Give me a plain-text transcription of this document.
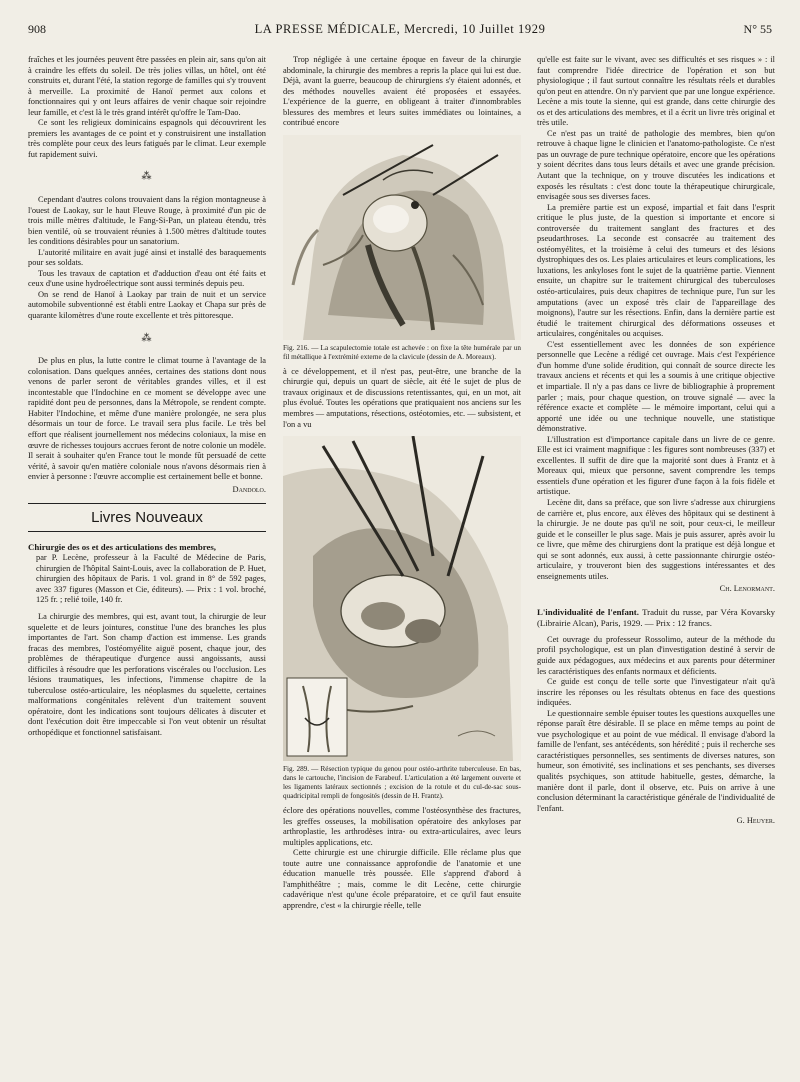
908	LA PRESSE MÉDICALE, Mercredi, 10 Juillet 1929	N° 55

fraîches et les journées peuvent être passées en plein air, sans qu'on ait à craindre les effets du soleil. De très jolies villas, un hôtel, ont été construits et, durant l'été, la station regorge de familles qui s'y trouvent à merveille. La proximité de Hanoï permet aux colons et fonctionnaires qui y ont leurs affaires de venir chaque soir rejoindre leur famille, et c'est là le très grand intérêt qu'offre le Tam-Dao.

Ce sont les religieux dominicains espagnols qui découvrirent les premiers les avantages de ce point et y construisirent une installation très complète pour ceux des leurs fatigués par le climat. Leur exemple fut rapidement suivi.

⁂

Cependant d'autres colons trouvaient dans la région montagneuse à l'ouest de Laokay, sur le haut Fleuve Rouge, à proximité d'un pic de trois mille mètres d'altitude, le Fang-Si-Pan, un plateau étendu, très bien ventilé, où se trouvaient réunies à 1.500 mètres d'altitude toutes les conditions désirables pour un sanatorium.

L'autorité militaire en avait jugé ainsi et installé des baraquements pour ses soldats.

Tous les travaux de captation et d'adduction d'eau ont été faits et ceux d'une usine hydroélectrique sont aussi terminés depuis peu.

On se rend de Hanoï à Laokay par train de nuit et un service automobile subventionné est établi entre Laokay et Chapa sur près de quarante kilomètres d'une route excellente et très pittoresque.

⁂

De plus en plus, la lutte contre le climat tourne à l'avantage de la colonisation. Dans quelques années, certaines des stations dont nous venons de parler seront de véritables grandes villes, et il est incontestable que l'Indochine en ce moment se développe avec une rapidité dont peu de personnes, dans la Métropole, se rendent compte. Habiter l'Indochine, et même d'une manière prolongée, ne sera plus désormais un tour de force. Le travail sera plus facile. Le très bel effort que réalisent journellement nos médecins coloniaux, la mise en œuvre de richesses toujours accrues feront de notre colonie un modèle. Il serait à souhaiter qu'en France tout le monde fût persuadé de cette vérité, à savoir qu'en matière coloniale nous n'avons désormais rien à envier à personne : l'œuvre accomplie est certainement belle et bonne.

Dandolo.
Livres Nouveaux

Chirurgie des os et des articulations des membres,

par P. Lecène, professeur à la Faculté de Médecine de Paris, chirurgien de l'hôpital Saint-Louis, avec la collaboration de P. Huet, chirurgien des hôpitaux de Paris. 1 vol. grand in 8° de 592 pages, avec 337 figures (Masson et Cie, éditeurs). — Prix : 1 vol. broché, 125 fr. ; relié toile, 140 fr.

La chirurgie des membres, qui est, avant tout, la chirurgie de leur squelette et de leurs jointures, constitue l'une des branches les plus importantes de l'art. Son champ d'action est immense. Les grands fracas des membres, l'ostéomyélite aiguë posent, chaque jour, des problèmes de thérapeutique d'urgence aussi angoissants, aussi difficiles à résoudre que les perforations viscérales ou l'occlusion. Les lésions traumatiques, les infections, l'immense chapitre de la tuberculose ostéo-articulaire, les néoplasmes du squelette, certaines malformations congénitales relèvent d'un traitement souvent opératoire, dont les indications sont toujours délicates à discuter et dont l'exécution doit être impeccable si l'on veut obtenir un résultat orthopédique et fonctionnel satisfaisant.

Trop négligée à une certaine époque en faveur de la chirurgie abdominale, la chirurgie des membres a repris la place qui lui est due. Déjà, avant la guerre, beaucoup de chirurgiens s'y étaient adonnés, et des méthodes nouvelles avaient été proposées et essayées. L'expérience de la guerre, en obligeant à traiter d'innombrables blessures des membres et leurs suites immédiates ou lointaines, a contribué encore

Fig. 216. — La scapulectomie totale est achevée : on fixe la tête humérale par un fil métallique à l'extrémité externe de la clavicule (dessin de A. Moreaux).

à ce développement, et il n'est pas, peut-être, une branche de la chirurgie qui, depuis un quart de siècle, ait été le sujet de plus de travaux originaux et de discussions retentissantes, qui, en un mot, ait plus évolué. Toutes les opérations que pratiquaient nos anciens sur les membres — amputations, résections, ostéotomies, etc. — subsistent, et l'on a vu

Fig. 289. — Résection typique du genou pour ostéo-arthrite tuberculeuse. En bas, dans le cartouche, l'incision de Farabeuf. L'articulation a été largement ouverte et les ligaments latéraux sectionnés ; excision de la rotule et du cul-de-sac sous-quadricipital rempli de fongosités (dessin de H. Frantz).

éclore des opérations nouvelles, comme l'ostéosynthèse des fractures, les greffes osseuses, la mobilisation opératoire des ankyloses par arthroplastie, les arthrodèses intra- ou extra-articulaires, avec leurs multiples applications, etc.

Cette chirurgie est une chirurgie difficile. Elle réclame plus que toute autre une connaissance approfondie de l'anatomie et une éducation manuelle très poussée. Elle s'apprend d'abord à l'amphithéâtre ; mais, comme le dit Lecène, cette chirurgie cadavérique n'est qu'une école préparatoire, et ce qu'il faut ensuite apprendre, c'est « la chirurgie réelle, telle

qu'elle est faite sur le vivant, avec ses difficultés et ses risques » : il faut comprendre l'idée directrice de l'opération et son but physiologique ; il faut surtout connaître les résultats réels et durables qu'on peut en attendre. On n'y parvient que par une longue expérience. Lecène a mis toute la sienne, qui est grande, dans cette chirurgie des os et des articulations des membres, et il a écrit un livre très original et très utile.

Ce n'est pas un traité de pathologie des membres, bien qu'on retrouve à chaque ligne le clinicien et l'anatomo-pathologiste. Ce n'est pas un ouvrage de pure technique opératoire, encore que les opérations y soient décrites dans tous leurs détails et avec une grande précision. Autant que la technique, on y trouve discutées les indications et exposés les résultats : c'est donc toute la thérapeutique chirurgicale, envisagée sous ses diverses faces.

La première partie est un exposé, impartial et fait dans l'esprit critique le plus juste, de la question si importante et encore si controversée du traitement sanglant des fractures et des pseudarthroses. La seconde est consacrée au traitement des ostéomyélites, et la troisième à celui des tumeurs et des lésions dystrophiques des os. Les plaies articulaires et leurs complications, les luxations, les ankyloses font le sujet de la quatrième partie. Viennent ensuite, un chapitre sur le traitement chirurgical des tuberculoses ostéo-articulaires, puis deux chapitres de technique pure, l'un sur les amputations (avec un exposé très clair de l'appareillage des moignons), l'autre sur les résections. Enfin, dans la dernière partie est étudié le traitement chirurgical des déformations osseuses et articulaires, congénitales ou acquises.

C'est essentiellement avec les données de son expérience personnelle que Lecène a rédigé cet ouvrage. Mais c'est l'expérience d'un homme d'une solide érudition, qui connaît de source directe les travaux anciens et récents et qui les a soumis à une critique objective et impartiale. Il n'y a pas dans ce livre de bibliographie à proprement parler ; mais, pour chaque question, on trouve signalé — avec la référence exacte et complète — le mémoire important, celui qui a apporté une idée ou une technique nouvelle, une statistique démonstrative.

L'illustration est d'importance capitale dans un livre de ce genre. Elle est ici vraiment magnifique : les figures sont nombreuses (337) et excellentes. Il suffit de dire que la majorité sont dues à Frantz et à Moreaux qui, mieux que personne, savent comprendre les temps essentiels d'une opération et les figurer d'une façon à la fois fidèle et artistique.

Lecène dit, dans sa préface, que son livre s'adresse aux chirurgiens de carrière et, plus encore, aux élèves des hôpitaux qui se destinent à la chirurgie. Je ne doute pas qu'il ne soit, pour ceux-ci, le meilleur guide et le conseiller le plus sage. Mais je puis assurer, après avoir lu ce livre, que même des chirurgiens dont la pratique est déjà longue et qui se sont adonnés, eux aussi, à cette passionnante chirurgie ostéo-articulaire, y trouveront bien des suggestions intéressantes et des enseignements utiles.

Ch. Lenormant.

L'individualité de l'enfant. Traduit du russe, par Véra Kovarsky (Librairie Alcan), Paris, 1929. — Prix : 12 francs.

Cet ouvrage du professeur Rossolimo, auteur de la méthode du profil psychologique, est un plan d'investigation destiné à servir de guide aux pédagogues, aux médecins et aux parents pour déterminer les caractéristiques des enfants normaux et déficients.

Ce guide est conçu de telle sorte que l'investigateur n'ait qu'à inscrire les réponses ou les résultats obtenus en face des questions indiquées.

Le questionnaire semble épuiser toutes les questions auxquelles une réponse paraît être désirable. Il se place en même temps au point de vue psychologique et au point de vue médical. Il envisage d'abord la famille de l'enfant, ses antécédents, son hérédité ; puis il recherche ses caractéristiques personnelles, ses sentiments de diverses natures, son humeur, son émotivité, ses inclinations et ses penchants, ses diverses qualités psychiques, son attitude habituelle, gestes, démarche, la manière dont il parle, dont il observe, etc. Puis on arrive à une conclusion déterminant la caractéristique générale de l'individualité de l'enfant.

G. Heuyer.
